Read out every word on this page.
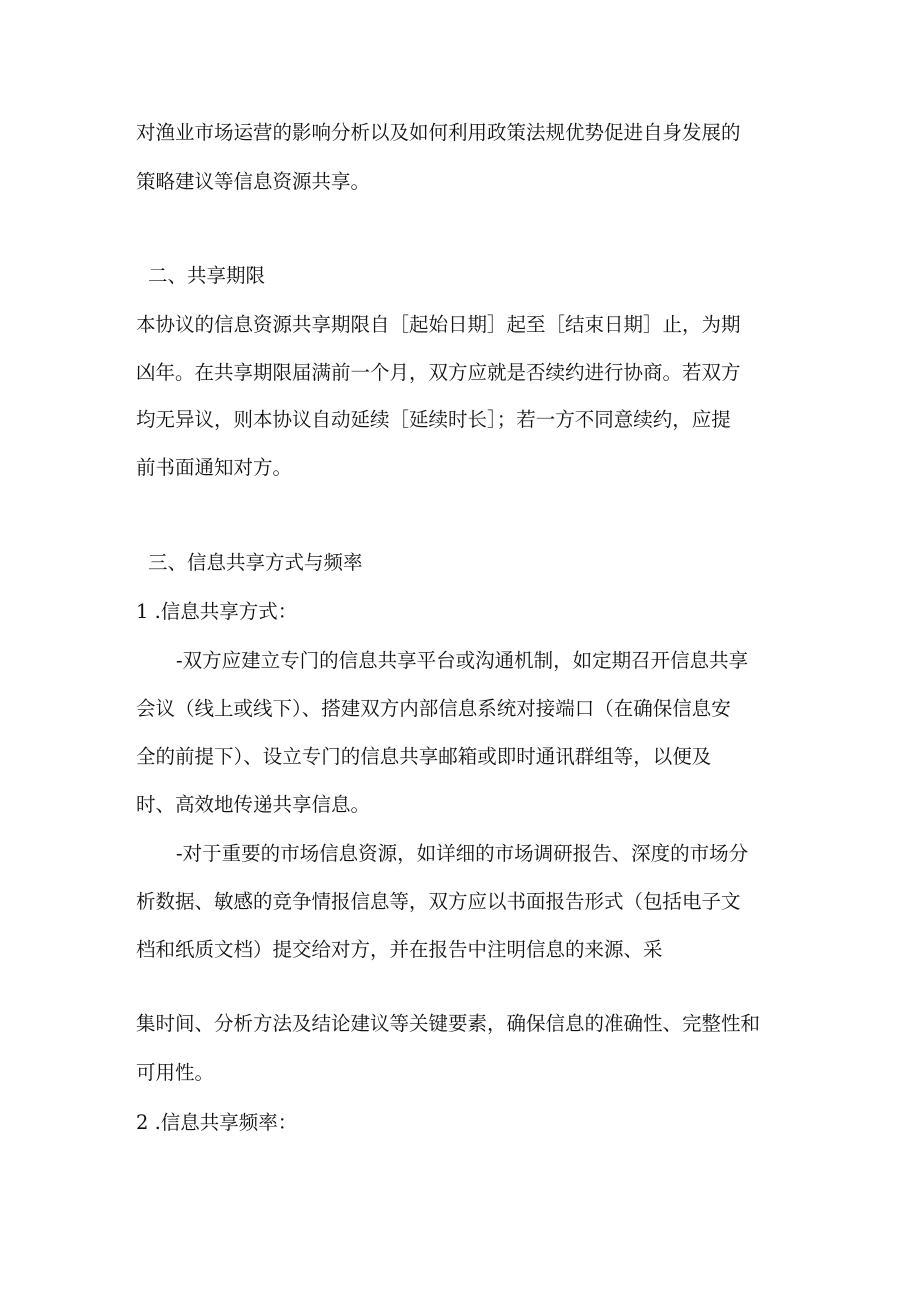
对渔业市场运营的影响分析以及如何利用政策法规优势促进自身发展的

策略建议等信息资源共享。

二、共享期限

本协议的信息资源共享期限自［起始日期］起至［结束日期］止，为期

凶年。在共享期限届满前一个月，双方应就是否续约进行协商。若双方

均无异议，则本协议自动延续［延续时长］；若一方不同意续约，应提

前书面通知对方。

三、信息共享方式与频率

1 .信息共享方式：

-双方应建立专门的信息共享平台或沟通机制，如定期召开信息共享

会议（线上或线下）、搭建双方内部信息系统对接端口（在确保信息安

全的前提下）、设立专门的信息共享邮箱或即时通讯群组等，以便及

时、高效地传递共享信息。

-对于重要的市场信息资源，如详细的市场调研报告、深度的市场分

析数据、敏感的竞争情报信息等，双方应以书面报告形式（包括电子文

档和纸质文档）提交给对方，并在报告中注明信息的来源、采

集时间、分析方法及结论建议等关键要素，确保信息的准确性、完整性和

可用性。

2 .信息共享频率：
